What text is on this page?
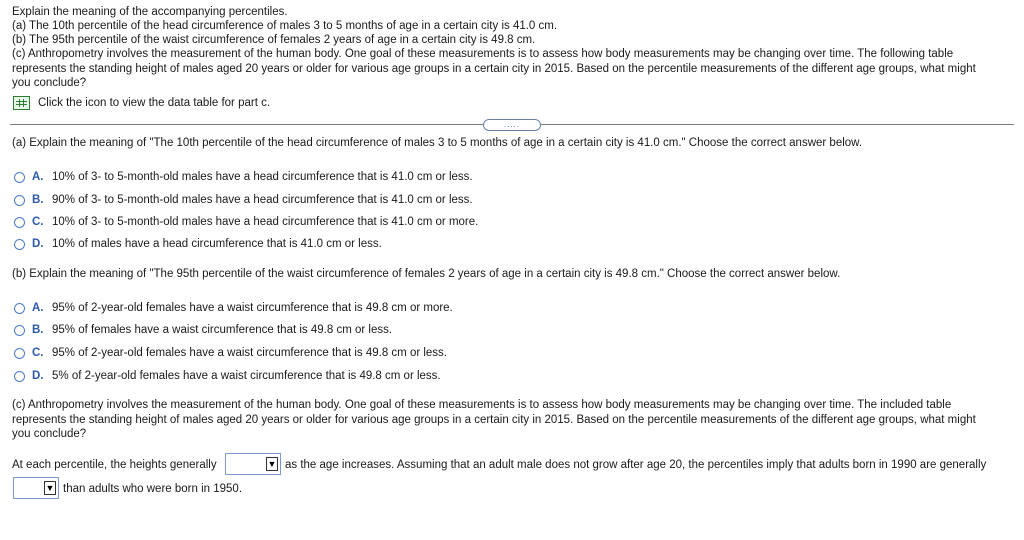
Explain the meaning of the accompanying percentiles.
(a) The 10th percentile of the head circumference of males 3 to 5 months of age in a certain city is 41.0 cm.
(b) The 95th percentile of the waist circumference of females 2 years of age in a certain city is 49.8 cm.
(c) Anthropometry involves the measurement of the human body. One goal of these measurements is to assess how body measurements may be changing over time. The following table represents the standing height of males aged 20 years or older for various age groups in a certain city in 2015. Based on the percentile measurements of the different age groups, what might you conclude?
Click the icon to view the data table for part c.
.....
(a) Explain the meaning of "The 10th percentile of the head circumference of males 3 to 5 months of age in a certain city is 41.0 cm." Choose the correct answer below.
A. 10% of 3- to 5-month-old males have a head circumference that is 41.0 cm or less.
B. 90% of 3- to 5-month-old males have a head circumference that is 41.0 cm or less.
C. 10% of 3- to 5-month-old males have a head circumference that is 41.0 cm or more.
D. 10% of males have a head circumference that is 41.0 cm or less.
(b) Explain the meaning of "The 95th percentile of the waist circumference of females 2 years of age in a certain city is 49.8 cm." Choose the correct answer below.
A. 95% of 2-year-old females have a waist circumference that is 49.8 cm or more.
B. 95% of females have a waist circumference that is 49.8 cm or less.
C. 95% of 2-year-old females have a waist circumference that is 49.8 cm or less.
D. 5% of 2-year-old females have a waist circumference that is 49.8 cm or less.
(c) Anthropometry involves the measurement of the human body. One goal of these measurements is to assess how body measurements may be changing over time. The included table represents the standing height of males aged 20 years or older for various age groups in a certain city in 2015. Based on the percentile measurements of the different age groups, what might you conclude?
At each percentile, the heights generally	▼ as the age increases. Assuming that an adult male does not grow after age 20, the percentiles imply that adults born in 1990 are generally
▼ than adults who were born in 1950.
